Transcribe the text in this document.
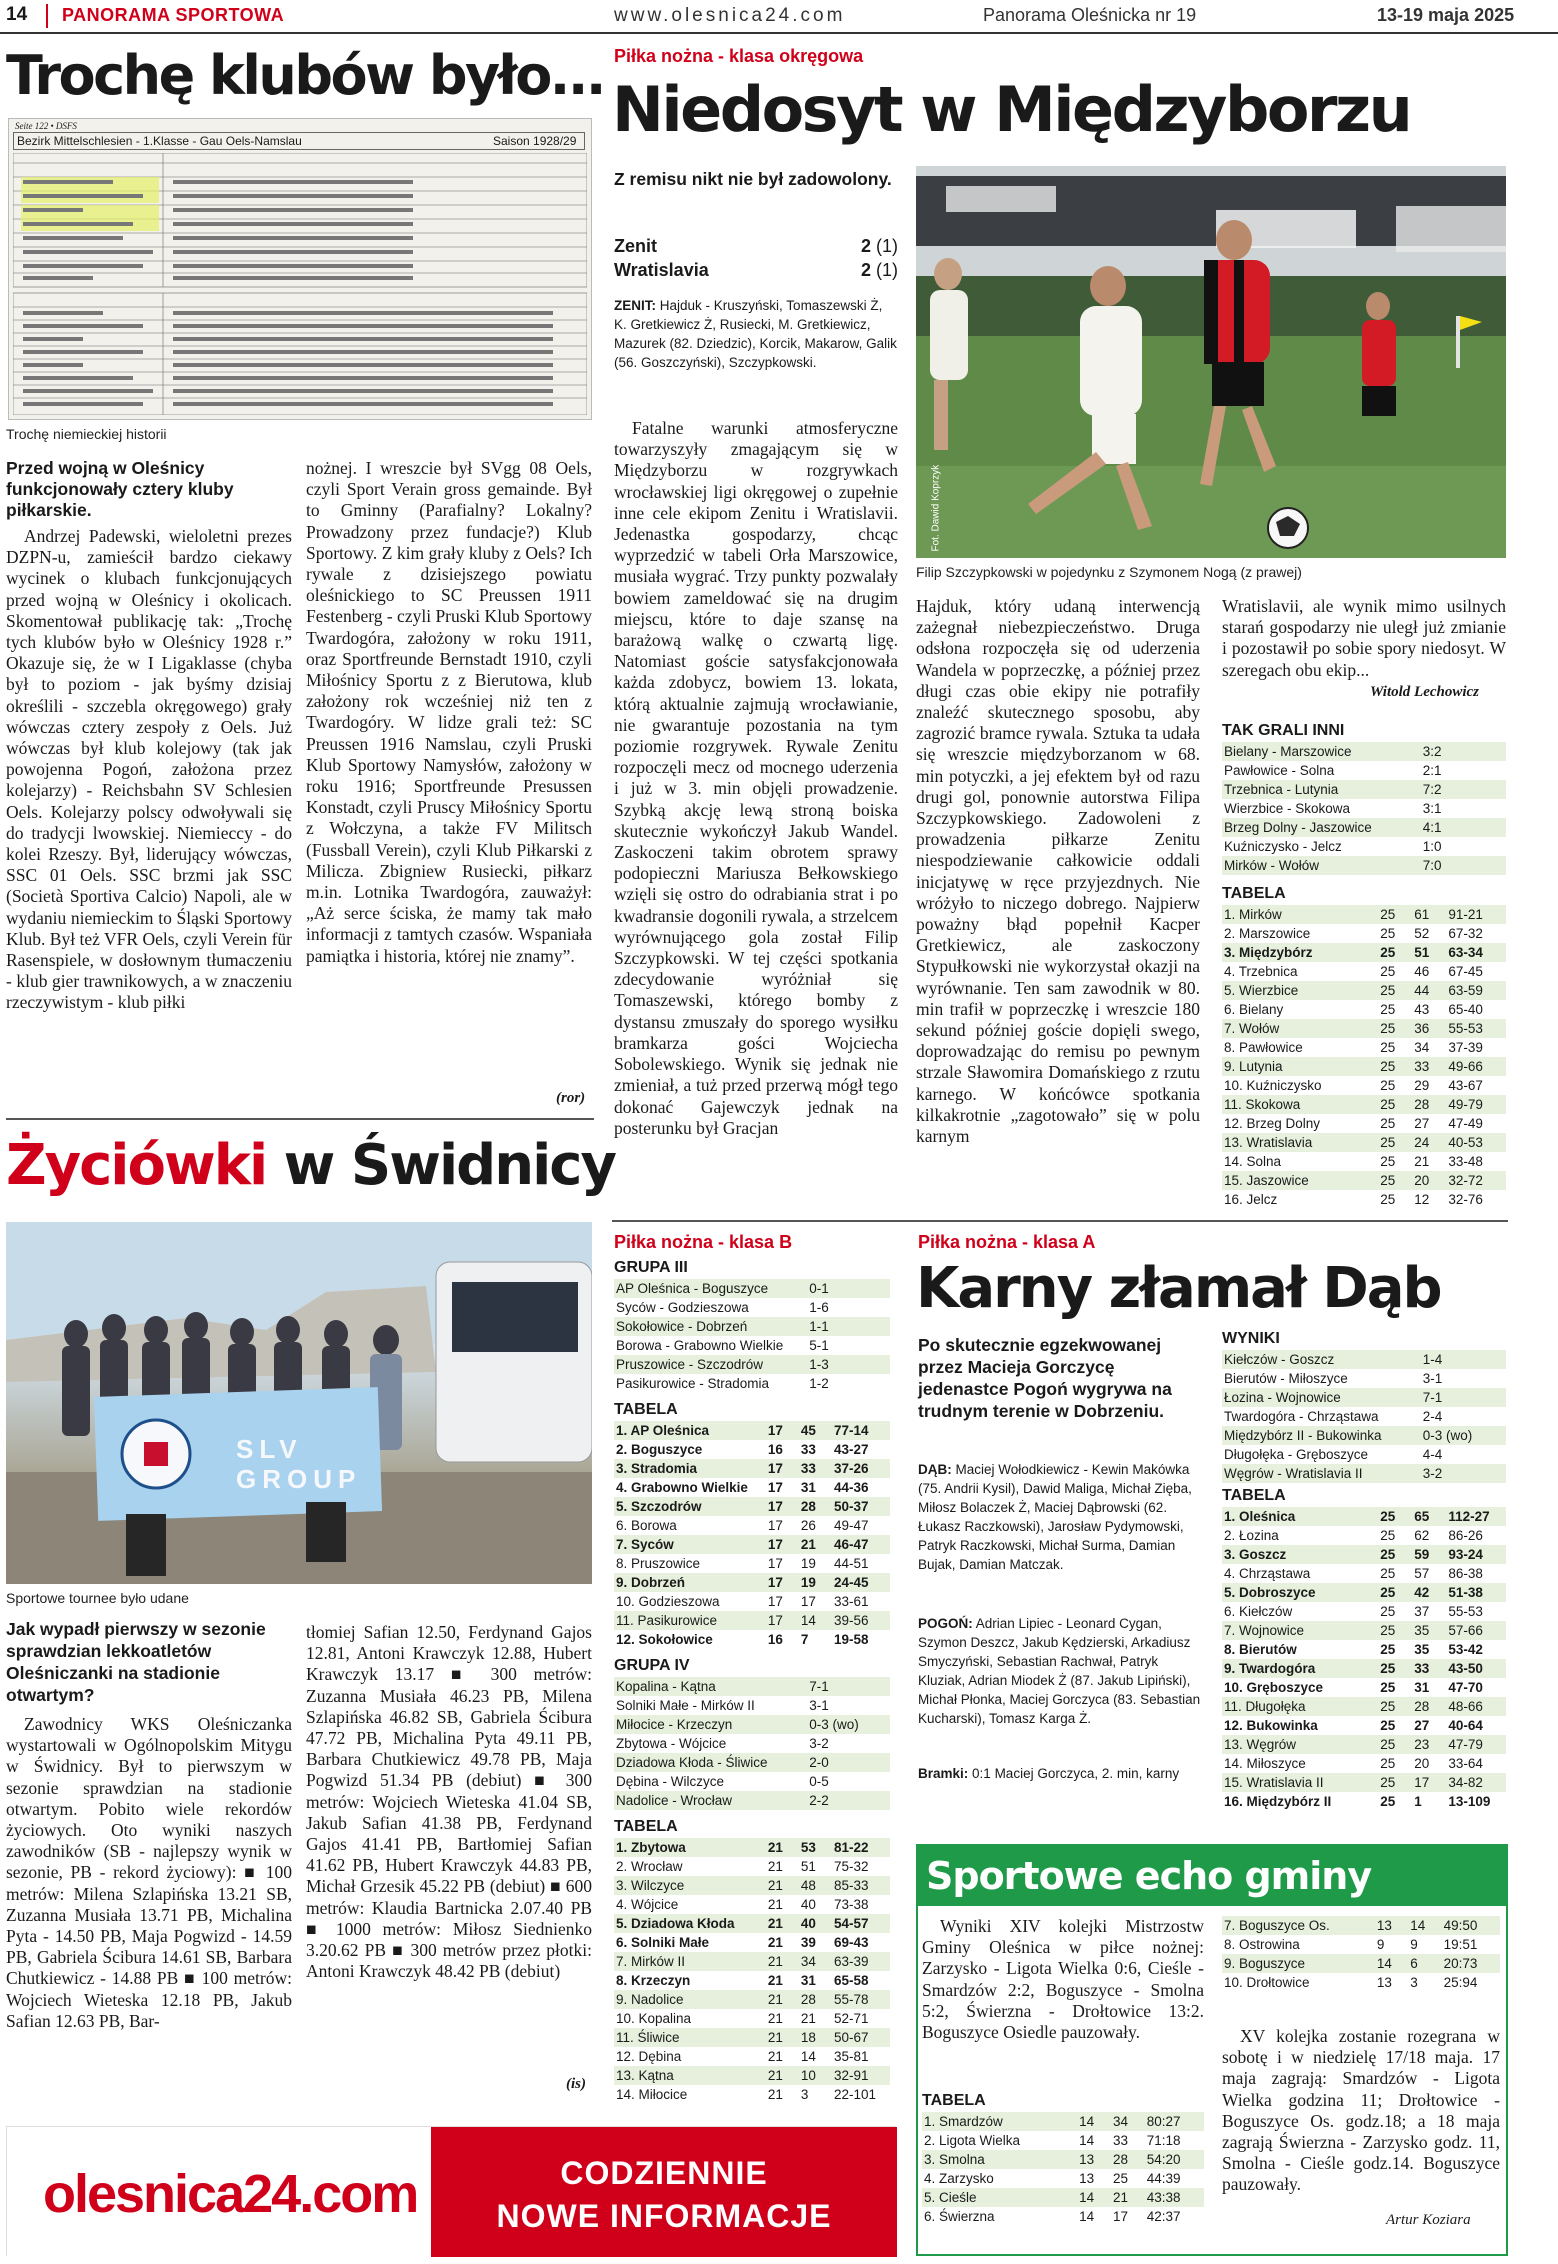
14 PANORAMA SPORTOWA	www.olesnica24.com	Panorama Oleśnicka nr 19	13-19 maja 2025
Trochę klubów było...
Seite 122 • DSFS
Bezirk Mittelschlesien - 1.Klasse - Gau Oels-Namslau	Saison 1928/29
Trochę niemieckiej historii
Przed wojną w Oleśnicy funkcjonowały cztery kluby piłkarskie.

Andrzej Padewski, wieloletni prezes DZPN-u, zamieścił bardzo ciekawy wycinek o klubach funkcjonujących przed wojną w Oleśnicy i okolicach. Skomentował publikację tak: „Trochę tych klubów było w Oleśnicy 1928 r.” Okazuje się, że w I Ligaklasse (chyba był to poziom - jak byśmy dzisiaj określili - szczebla okręgowego) grały wówczas cztery zespoły z Oels. Już wówczas był klub kolejowy (tak jak powojenna Pogoń, założona przez kolejarzy) - Reichsbahn SV Schlesien Oels. Kolejarzy polscy odwoływali się do tradycji lwowskiej. Niemieccy - do kolei Rzeszy. Był, liderujący wówczas, SSC 01 Oels. SSC brzmi jak SSC (Società Sportiva Calcio) Napoli, ale w wydaniu niemieckim to Śląski Sportowy Klub. Był też VFR Oels, czyli Verein für Rasenspiele, w dosłownym tłumaczeniu - klub gier trawnikowych, a w znaczeniu rzeczywistym - klub piłki

nożnej. I wreszcie był SVgg 08 Oels, czyli Sport Verain gross gemainde. Był to Gminny (Parafialny? Lokalny? Prowadzony przez fundacje?) Klub Sportowy. Z kim grały kluby z Oels? Ich rywale z dzisiejszego powiatu oleśnickiego to SC Preussen 1911 Festenberg - czyli Pruski Klub Sportowy Twardogóra, założony w roku 1911, oraz Sportfreunde Bernstadt 1910, czyli Miłośnicy Sportu z z Bierutowa, klub założony rok wcześniej niż ten z Twardogóry. W lidze grali też: SC Preussen 1916 Namslau, czyli Pruski Klub Sportowy Namysłów, założony w roku 1916; Sportfreunde Presussen Konstadt, czyli Pruscy Miłośnicy Sportu z Wołczyna, a także FV Militsch (Fussball Verein), czyli Klub Piłkarski z Milicza. Zbigniew Rusiecki, piłkarz m.in. Lotnika Twardogóra, zauważył: „Aż serce ściska, że mamy tak mało informacji z tamtych czasów. Wspaniała pamiątka i historia, której nie znamy”.

(ror)
Życiówki w Świdnicy
SLV GROUP
Sportowe tournee było udane
Jak wypadł pierwszy w sezonie sprawdzian lekkoatletów Oleśniczanki na stadionie otwartym?

Zawodnicy WKS Oleśniczanka wystartowali w Ogólnopolskim Mitygu w Świdnicy. Był to pierwszym w sezonie sprawdzian na stadionie otwartym. Pobito wiele rekordów życiowych. Oto wyniki naszych zawodników (SB - najlepszy wynik w sezonie, PB - rekord życiowy): ■ 100 metrów: Milena Szlapińska 13.21 SB, Zuzanna Musiała 13.71 PB, Michalina Pyta - 14.50 PB, Maja Pogwizd - 14.59 PB, Gabriela Ścibura 14.61 SB, Barbara Chutkiewicz - 14.88 PB ■ 100 metrów: Wojciech Wieteska 12.18 PB, Jakub Safian 12.63 PB, Bar-

tłomiej Safian 12.50, Ferdynand Gajos 12.81, Antoni Krawczyk 12.88, Hubert Krawczyk 13.17 ■ 300 metrów: Zuzanna Musiała 46.23 PB, Milena Szlapińska 46.82 SB, Gabriela Ścibura 47.72 PB, Michalina Pyta 49.11 PB, Barbara Chutkiewicz 49.78 PB, Maja Pogwizd 51.34 PB (debiut) ■ 300 metrów: Wojciech Wieteska 41.04 SB, Jakub Safian 41.38 PB, Ferdynand Gajos 41.41 PB, Bartłomiej Safian 41.62 PB, Hubert Krawczyk 44.83 PB, Michał Grzesik 45.22 PB (debiut) ■ 600 metrów: Klaudia Bartnicka 2.07.40 PB ■ 1000 metrów: Miłosz Siednienko 3.20.62 PB ■ 300 metrów przez płotki: Antoni Krawczyk 48.42 PB (debiut)

(is)
olesnica24.com	CODZIENNIE
NOWE INFORMACJE
Piłka nożna - klasa okręgowa
Niedosyt w Międzyborzu
Z remisu nikt nie był zadowolony.
Zenit	2
(1)
Wratislavia	2
(1)
ZENIT: Hajduk - Kruszyński, Tomaszewski Ż, K. Gretkiewicz Ż, Rusiecki, M. Gretkiewicz, Mazurek (82. Dziedzic), Korcik, Makarow, Galik (56. Goszczyński), Szczypkowski.

Fatalne warunki atmosferyczne towarzyszyły zmagającym się w Międzyborzu w rozgrywkach wrocławskiej ligi okręgowej o zupełnie inne cele ekipom Zenitu i Wratislavii. Jedenastka gospodarzy, chcąc wyprzedzić w tabeli Orła Marszowice, musiała wygrać. Trzy punkty pozwalały bowiem zameldować się na drugim miejscu, które to daje szansę na barażową walkę o czwartą ligę. Natomiast goście satysfakcjonowała każda zdobycz, bowiem 13. lokata, którą aktualnie zajmują wrocławianie, nie gwarantuje pozostania na tym poziomie rozgrywek. Rywale Zenitu rozpoczęli mecz od mocnego uderzenia i już w 3. min objęli prowadzenie. Szybką akcję lewą stroną boiska skutecznie wykończył Jakub Wandel. Zaskoczeni takim obrotem sprawy podopieczni Mariusza Bełkowskiego wzięli się ostro do odrabiania strat i po kwadransie dogonili rywala, a strzelcem wyrównującego gola został Filip Szczypkowski. W tej części spotkania zdecydowanie wyróżniał się Tomaszewski, którego bomby z dystansu zmuszały do sporego wysiłku bramkarza gości Wojciecha Sobolewskiego. Wynik się jednak nie zmieniał, a tuż przed przerwą mógł tego dokonać Gajewczyk jednak na posterunku był Gracjan

Fot. Dawid Koprzyk
Filip Szczypkowski w pojedynku z Szymonem Nogą (z prawej)

Hajduk, który udaną interwencją zażegnał niebezpieczeństwo. Druga odsłona rozpoczęła się od uderzenia Wandela w poprzeczkę, a później przez długi czas obie ekipy nie potrafiły znaleźć skutecznego sposobu, aby zagrozić bramce rywala. Sztuka ta udała się wreszcie międzyborzanom w 68. min potyczki, a jej efektem był od razu drugi gol, ponownie autorstwa Filipa Szczypkowskiego. Zadowoleni z prowadzenia piłkarze Zenitu niespodziewanie całkowicie oddali inicjatywę w ręce przyjezdnych. Nie wróżyło to niczego dobrego. Najpierw poważny błąd popełnił Kacper Gretkiewicz, ale zaskoczony Stypułkowski nie wykorzystał okazji na wyrównanie. Ten sam zawodnik w 80. min trafił w poprzeczkę i wreszcie 180 sekund później goście dopięli swego, doprowadzając do remisu po pewnym strzale Sławomira Domańskiego z rzutu karnego. W końcówce spotkania kilkakrotnie „zagotowało” się w polu karnym

Wratislavii, ale wynik mimo usilnych starań gospodarzy nie uległ już zmianie i pozostawił po sobie spory niedosyt. W szeregach obu ekip...

Witold Lechowicz
TAK GRALI INNI
Bielany - Marszowice	3:2
Pawłowice - Solna	2:1
Trzebnica - Lutynia	7:2
Wierzbice - Skokowa	3:1
Brzeg Dolny - Jaszowice	4:1
Kuźniczysko - Jelcz	1:0
Mirków - Wołów	7:0
TABELA
1. Mirków	25	61	91-21
2. Marszowice	25	52	67-32
3. Międzybórz	25	51	63-34
4. Trzebnica	25	46	67-45
5. Wierzbice	25	44	63-59
6. Bielany	25	43	65-40
7. Wołów	25	36	55-53
8. Pawłowice	25	34	37-39
9. Lutynia	25	33	49-66
10. Kuźniczysko	25	29	43-67
11. Skokowa	25	28	49-79
12. Brzeg Dolny	25	27	47-49
13. Wratislavia	25	24	40-53
14. Solna	25	21	33-48
15. Jaszowice	25	20	32-72
16. Jelcz	25	12	32-76
Piłka nożna - klasa B
GRUPA III
AP Oleśnica - Boguszyce	0-1
Syców - Godzieszowa	1-6
Sokołowice - Dobrzeń	1-1
Borowa - Grabowno Wielkie	5-1
Pruszowice - Szczodrów	1-3
Pasikurowice - Stradomia	1-2
TABELA
1. AP Oleśnica	17	45	77-14
2. Boguszyce	16	33	43-27
3. Stradomia	17	33	37-26
4. Grabowno Wielkie	17	31	44-36
5. Szczodrów	17	28	50-37
6. Borowa	17	26	49-47
7. Syców	17	21	46-47
8. Pruszowice	17	19	44-51
9. Dobrzeń	17	19	24-45
10. Godzieszowa	17	17	33-61
11. Pasikurowice	17	14	39-56
12. Sokołowice	16	7	19-58
GRUPA IV
Kopalina - Kątna	7-1
Solniki Małe - Mirków II	3-1
Miłocice - Krzeczyn	0-3 (wo)
Zbytowa - Wójcice	3-2
Dziadowa Kłoda - Śliwice	2-0
Dębina - Wilczyce	0-5
Nadolice - Wrocław	2-2
TABELA
1. Zbytowa	21	53	81-22
2. Wrocław	21	51	75-32
3. Wilczyce	21	48	85-33
4. Wójcice	21	40	73-38
5. Dziadowa Kłoda	21	40	54-57
6. Solniki Małe	21	39	69-43
7. Mirków II	21	34	63-39
8. Krzeczyn	21	31	65-58
9. Nadolice	21	28	55-78
10. Kopalina	21	21	52-71
11. Śliwice	21	18	50-67
12. Dębina	21	14	35-81
13. Kątna	21	10	32-91
14. Miłocice	21	3	22-101
Piłka nożna - klasa A
Karny złamał Dąb
Po skutecznie egzekwowanej przez Macieja Gorczycę jedenastce Pogoń wygrywa na trudnym terenie w Dobrzeniu.
DĄB: Maciej Wołodkiewicz - Kewin Makówka (75. Andrii Kysil), Dawid Maliga, Michał Zięba, Miłosz Bolaczek Ż, Maciej Dąbrowski (62. Łukasz Raczkowski), Jarosław Pydymowski, Patryk Raczkowski, Michał Surma, Damian Bujak, Damian Matczak.
POGOŃ: Adrian Lipiec - Leonard Cygan, Szymon Deszcz, Jakub Kędzierski, Arkadiusz Smyczyński, Sebastian Rachwał, Patryk Kluziak, Adrian Miodek Ż (87. Jakub Lipiński), Michał Płonka, Maciej Gorczyca (83. Sebastian Kucharski), Tomasz Karga Ż.
Bramki: 0:1 Maciej Gorczyca, 2. min, karny
WYNIKI
Kiełczów - Goszcz	1-4
Bierutów - Miłoszyce	3-1
Łozina - Wojnowice	7-1
Twardogóra - Chrząstawa	2-4
Międzybórz II - Bukowinka	0-3 (wo)
Długołęka - Gręboszyce	4-4
Węgrów - Wratislavia II	3-2
TABELA
1. Oleśnica	25	65	112-27
2. Łozina	25	62	86-26
3. Goszcz	25	59	93-24
4. Chrząstawa	25	57	86-38
5. Dobroszyce	25	42	51-38
6. Kiełczów	25	37	55-53
7. Wojnowice	25	35	57-66
8. Bierutów	25	35	53-42
9. Twardogóra	25	33	43-50
10. Grębоszyce	25	31	47-70
11. Długołęka	25	28	48-66
12. Bukowinka	25	27	40-64
13. Węgrów	25	23	47-79
14. Miłoszyce	25	20	33-64
15. Wratislavia II	25	17	34-82
16. Międzybórz II	25	1	13-109
Sportowe echo gminy

Wyniki XIV kolejki Mistrzostw Gminy Oleśnica w piłce nożnej: Zarzysko - Ligota Wielka 0:6, Cieśle - Smardzów 2:2, Boguszyce - Smolna 5:2, Świerzna - Drołtowice 13:2. Boguszyce Osiedle pauzowały.

TABELA
1. Smardzów	14	34	80:27
2. Ligota Wielka	14	33	71:18
3. Smolna	13	28	54:20
4. Zarzysko	13	25	44:39
5. Cieśle	14	21	43:38
6. Świerzna	14	17	42:37
7. Boguszyce Os.	13	14	49:50
8. Ostrowina	9	9	19:51
9. Boguszyce	14	6	20:73
10. Drołtowice	13	3	25:94

XV kolejka zostanie rozegrana w sobotę i w niedzielę 17/18 maja. 17 maja zagrają: Smardzów - Ligota Wielka godzina 11; Drołtowice - Boguszyce Os. godz.18; a 18 maja zagrają Świerzna - Zarzysko godz. 11, Smolna - Cieśle godz.14. Boguszyce pauzowały.

Artur Koziara
